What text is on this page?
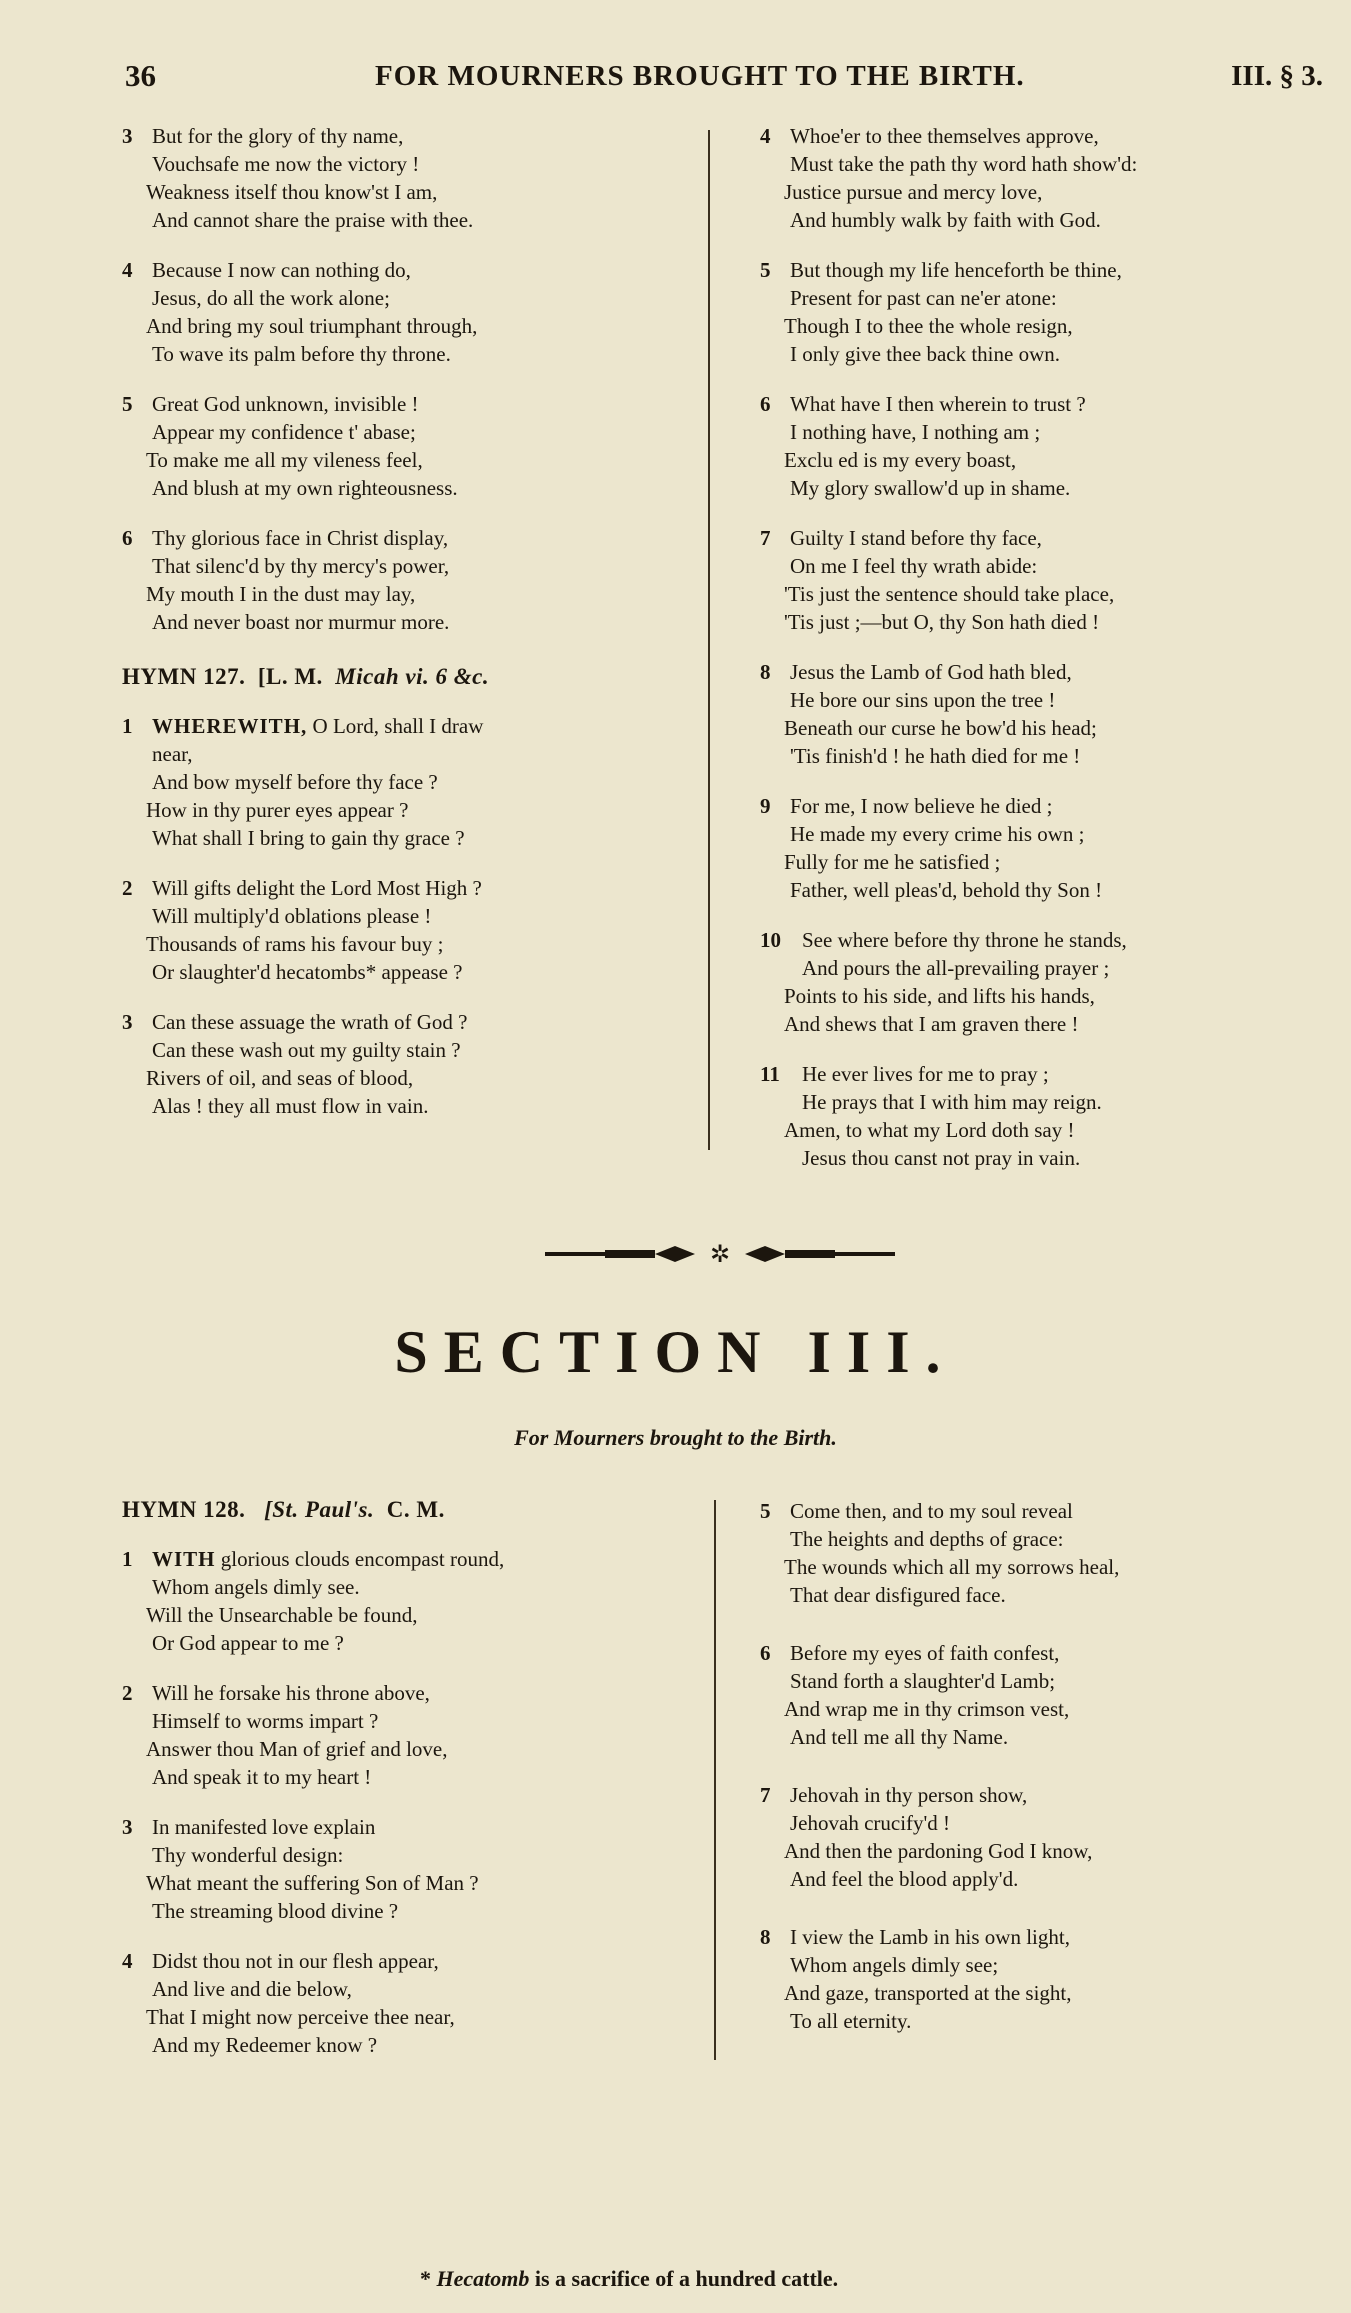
36	FOR MOURNERS BROUGHT TO THE BIRTH.	III. § 3.
3 But for the glory of thy name,
Vouchsafe me now the victory !
Weakness itself thou know'st I am,
And cannot share the praise with thee.
4 Because I now can nothing do,
Jesus, do all the work alone;
And bring my soul triumphant through,
To wave its palm before thy throne.
5 Great God unknown, invisible !
Appear my confidence t' abase;
To make me all my vileness feel,
And blush at my own righteousness.
6 Thy glorious face in Christ display,
That silenc'd by thy mercy's power,
My mouth I in the dust may lay,
And never boast nor murmur more.
HYMN 127. [L. M. Micah vi. 6 &c.
1 WHEREWITH, O Lord, shall I draw
near,
And bow myself before thy face ?
How in thy purer eyes appear ?
What shall I bring to gain thy grace ?
2 Will gifts delight the Lord Most High ?
Will multiply'd oblations please !
Thousands of rams his favour buy ;
Or slaughter'd hecatombs* appease ?
3 Can these assuage the wrath of God ?
Can these wash out my guilty stain ?
Rivers of oil, and seas of blood,
Alas ! they all must flow in vain.
4 Whoe'er to thee themselves approve,
Must take the path thy word hath show'd:
Justice pursue and mercy love,
And humbly walk by faith with God.
5 But though my life henceforth be thine,
Present for past can ne'er atone:
Though I to thee the whole resign,
I only give thee back thine own.
6 What have I then wherein to trust ?
I nothing have, I nothing am ;
Exclu ed is my every boast,
My glory swallow'd up in shame.
7 Guilty I stand before thy face,
On me I feel thy wrath abide:
'Tis just the sentence should take place,
'Tis just ;—but O, thy Son hath died !
8 Jesus the Lamb of God hath bled,
He bore our sins upon the tree !
Beneath our curse he bow'd his head;
'Tis finish'd ! he hath died for me !
9 For me, I now believe he died ;
He made my every crime his own ;
Fully for me he satisfied ;
Father, well pleas'd, behold thy Son !
10 See where before thy throne he stands,
And pours the all-prevailing prayer ;
Points to his side, and lifts his hands,
And shews that I am graven there !
11 He ever lives for me to pray ;
He prays that I with him may reign.
Amen, to what my Lord doth say !
Jesus thou canst not pray in vain.
✲
SECTION III.
For Mourners brought to the Birth.
HYMN 128. [St. Paul's. C. M.
1 WITH glorious clouds encompast round,
Whom angels dimly see.
Will the Unsearchable be found,
Or God appear to me ?
2 Will he forsake his throne above,
Himself to worms impart ?
Answer thou Man of grief and love,
And speak it to my heart !
3 In manifested love explain
Thy wonderful design:
What meant the suffering Son of Man ?
The streaming blood divine ?
4 Didst thou not in our flesh appear,
And live and die below,
That I might now perceive thee near,
And my Redeemer know ?
5 Come then, and to my soul reveal
The heights and depths of grace:
The wounds which all my sorrows heal,
That dear disfigured face.
6 Before my eyes of faith confest,
Stand forth a slaughter'd Lamb;
And wrap me in thy crimson vest,
And tell me all thy Name.
7 Jehovah in thy person show,
Jehovah crucify'd !
And then the pardoning God I know,
And feel the blood apply'd.
8 I view the Lamb in his own light,
Whom angels dimly see;
And gaze, transported at the sight,
To all eternity.
* Hecatomb is a sacrifice of a hundred cattle.
